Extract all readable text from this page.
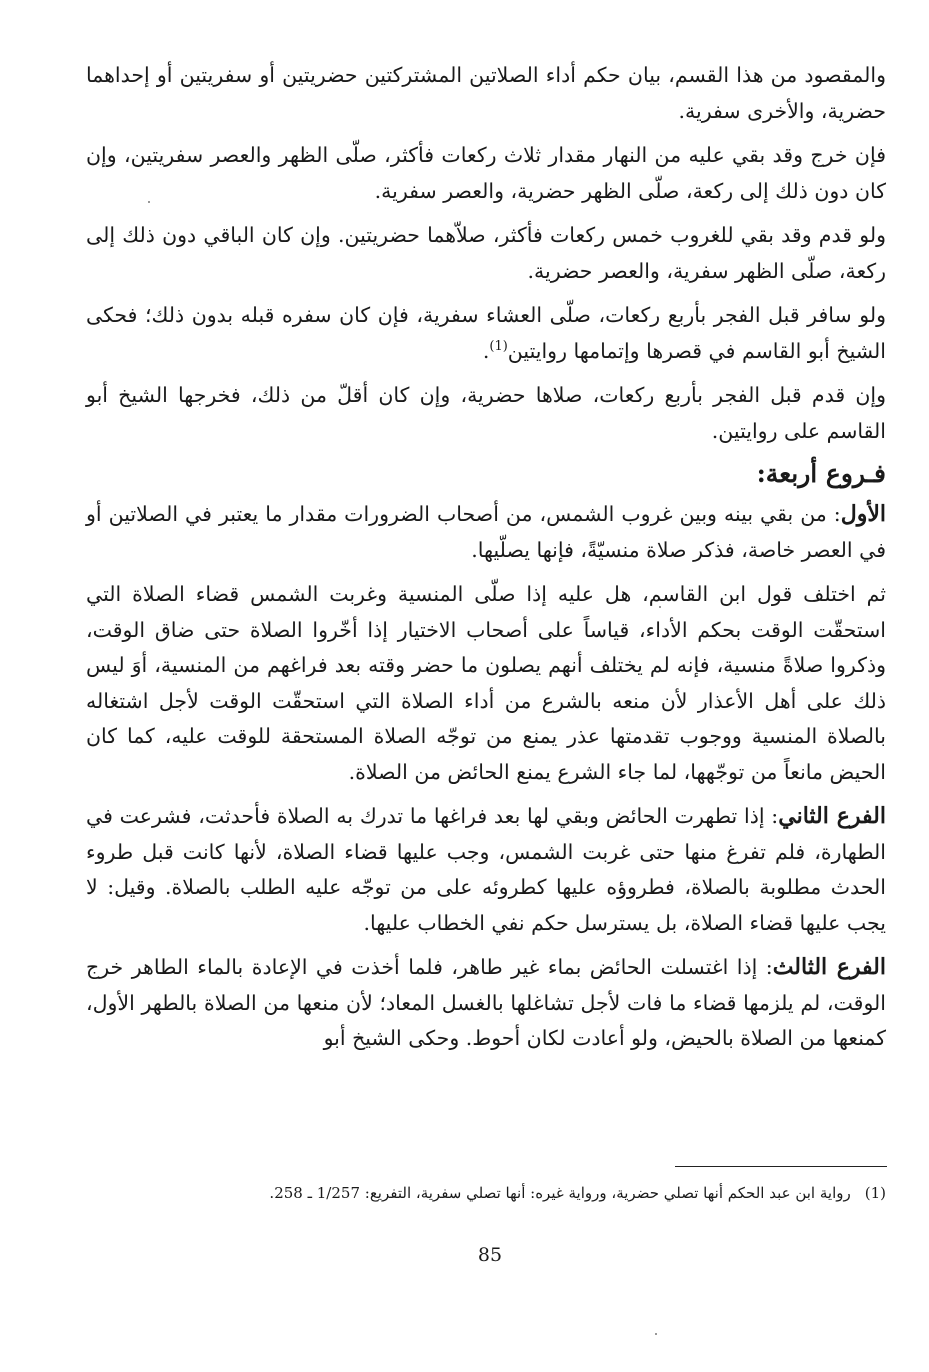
والمقصود من هذا القسم، بيان حكم أداء الصلاتين المشتركتين حضريتين أو سفريتين أو إحداهما حضرية، والأخرى سفرية.

فإن خرج وقد بقي عليه من النهار مقدار ثلاث ركعات فأكثر، صلّى الظهر والعصر سفريتين، وإن كان دون ذلك إلى ركعة، صلّى الظهر حضرية، والعصر سفرية.

ولو قدم وقد بقي للغروب خمس ركعات فأكثر، صلاّهما حضريتين. وإن كان الباقي دون ذلك إلى ركعة، صلّى الظهر سفرية، والعصر حضرية.

ولو سافر قبل الفجر بأربع ركعات، صلّى العشاء سفرية، فإن كان سفره قبله بدون ذلك؛ فحكى الشيخ أبو القاسم في قصرها وإتمامها روايتين$^{(1)}$.

وإن قدم قبل الفجر بأربع ركعات، صلاها حضرية، وإن كان أقلّ من ذلك، فخرجها الشيخ أبو القاسم على روايتين.

فـروع أربعة:

الأول: من بقي بينه وبين غروب الشمس، من أصحاب الضرورات مقدار ما يعتبر في الصلاتين أو في العصر خاصة، فذكر صلاة منسيّةً، فإنها يصلّيها.

ثم اختلف قول ابن القاسم، هل عليه إذا صلّى المنسية وغربت الشمس قضاء الصلاة التي استحقّت الوقت بحكم الأداء، قياساً على أصحاب الاختيار إذا أخّروا الصلاة حتى ضاق الوقت، وذكروا صلاةً منسية، فإنه لم يختلف أنهم يصلون ما حضر وقته بعد فراغهم من المنسية، أوَ ليس ذلك على أهل الأعذار لأن منعه بالشرع من أداء الصلاة التي استحقّت الوقت لأجل اشتغاله بالصلاة المنسية ووجوب تقدمتها عذر يمنع من توجّه الصلاة المستحقة للوقت عليه، كما كان الحيض مانعاً من توجّهها، لما جاء الشرع يمنع الحائض من الصلاة.

الفرع الثاني: إذا تطهرت الحائض وبقي لها بعد فراغها ما تدرك به الصلاة فأحدثت، فشرعت في الطهارة، فلم تفرغ منها حتى غربت الشمس، وجب عليها قضاء الصلاة، لأنها كانت قبل طروء الحدث مطلوبة بالصلاة، فطروؤه عليها كطروئه على من توجّه عليه الطلب بالصلاة. وقيل: لا يجب عليها قضاء الصلاة، بل يسترسل حكم نفي الخطاب عليها.

الفرع الثالث: إذا اغتسلت الحائض بماء غير طاهر، فلما أخذت في الإعادة بالماء الطاهر خرج الوقت، لم يلزمها قضاء ما فات لأجل تشاغلها بالغسل المعاد؛ لأن منعها من الصلاة بالطهر الأول، كمنعها من الصلاة بالحيض، ولو أعادت لكان أحوط. وحكى الشيخ أبو

(1)رواية ابن عبد الحكم أنها تصلي حضرية، ورواية غيره: أنها تصلي سفرية، التفريع: 1/257 ـ 258.

85
